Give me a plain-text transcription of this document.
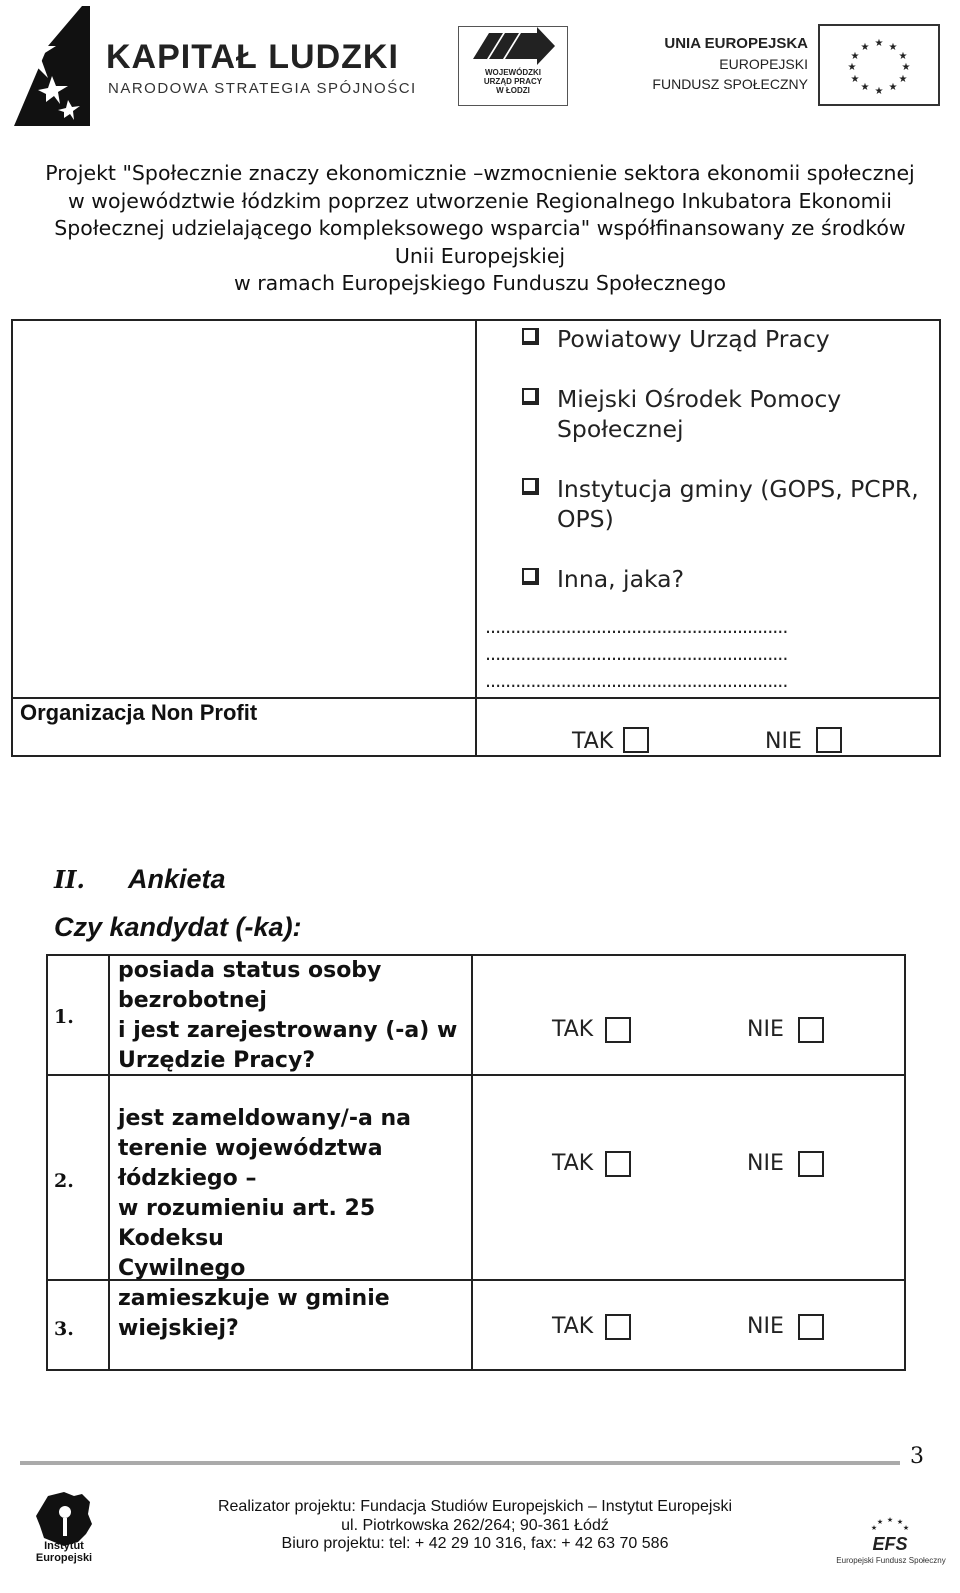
KAPITAŁ LUDZKI
NARODOWA STRATEGIA SPÓJNOŚCI
WOJEWÓDZKI
URZĄD PRACY
W ŁODZI
UNIA EUROPEJSKA
EUROPEJSKI
FUNDUSZ SPOŁECZNY
★ ★
★
★
★
★
★
★
★
★
★
★
Projekt "Społecznie znaczy ekonomicznie –wzmocnienie sektora ekonomii społecznej
w województwie łódzkim poprzez utworzenie Regionalnego Inkubatora Ekonomii
Społecznej udzielającego kompleksowego wsparcia" współfinansowany ze środków
Unii Europejskiej
w ramach Europejskiego Funduszu Społecznego
Powiatowy Urząd Pracy
Miejski Ośrodek Pomocy
Społecznej
Instytucja gminy (GOPS, PCPR,
OPS)
Inna, jaka?
............................................................
............................................................
............................................................
Organizacja Non Profit
TAK	NIE
II. Ankieta
Czy kandydat (-ka):
1.
posiada status osoby
bezrobotnej
i jest zarejestrowany (-a) w
Urzędzie Pracy?
TAK	NIE
2.
jest zameldowany/-a na
terenie województwa
łódzkiego –
w rozumieniu art. 25 Kodeksu
Cywilnego
TAK	NIE
3.
zamieszkuje w gminie
wiejskiej?	TAK	NIE
3
Instytut
Europejski
Realizator projektu: Fundacja Studiów Europejskich – Instytut Europejski
ul. Piotrkowska 262/264; 90-361 Łódź
Biuro projektu: tel: + 42 29 10 316, fax: + 42 63 70 586
★ ★
★
★
★
EFS
Europejski Fundusz Społeczny
